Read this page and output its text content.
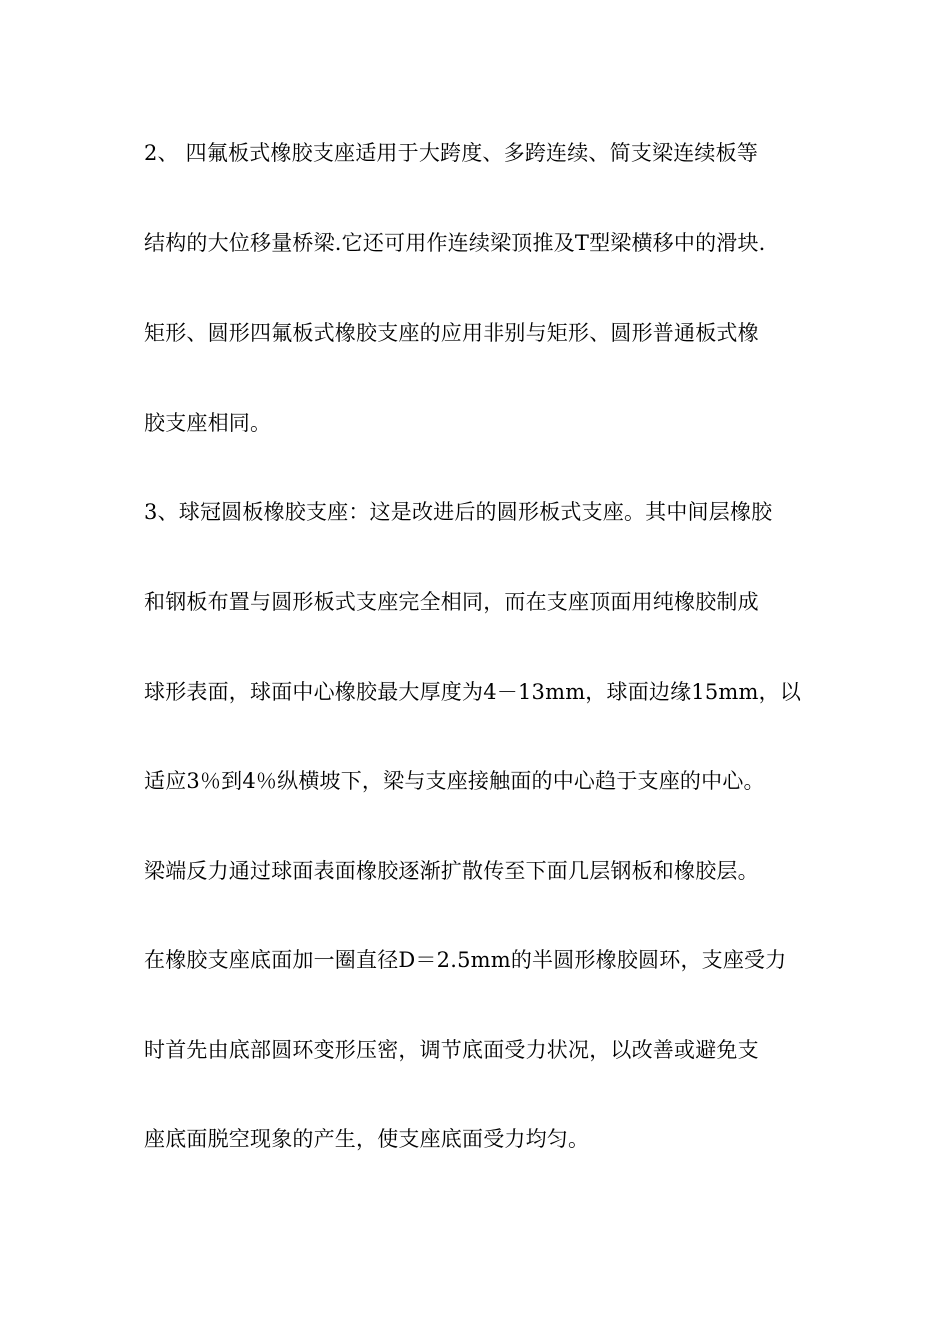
2、 四氟板式橡胶支座适用于大跨度、多跨连续、简支梁连续板等
结构的大位移量桥梁.它还可用作连续梁顶推及T型梁横移中的滑块.
矩形、圆形四氟板式橡胶支座的应用非别与矩形、圆形普通板式橡
胶支座相同。
3、球冠圆板橡胶支座：这是改进后的圆形板式支座。其中间层橡胶
和钢板布置与圆形板式支座完全相同，而在支座顶面用纯橡胶制成
球形表面，球面中心橡胶最大厚度为4－13mm，球面边缘15mm，以
适应3％到4％纵横坡下，梁与支座接触面的中心趋于支座的中心。
梁端反力通过球面表面橡胶逐渐扩散传至下面几层钢板和橡胶层。
在橡胶支座底面加一圈直径D＝2.5mm的半圆形橡胶圆环，支座受力
时首先由底部圆环变形压密，调节底面受力状况，以改善或避免支
座底面脱空现象的产生，使支座底面受力均匀。
